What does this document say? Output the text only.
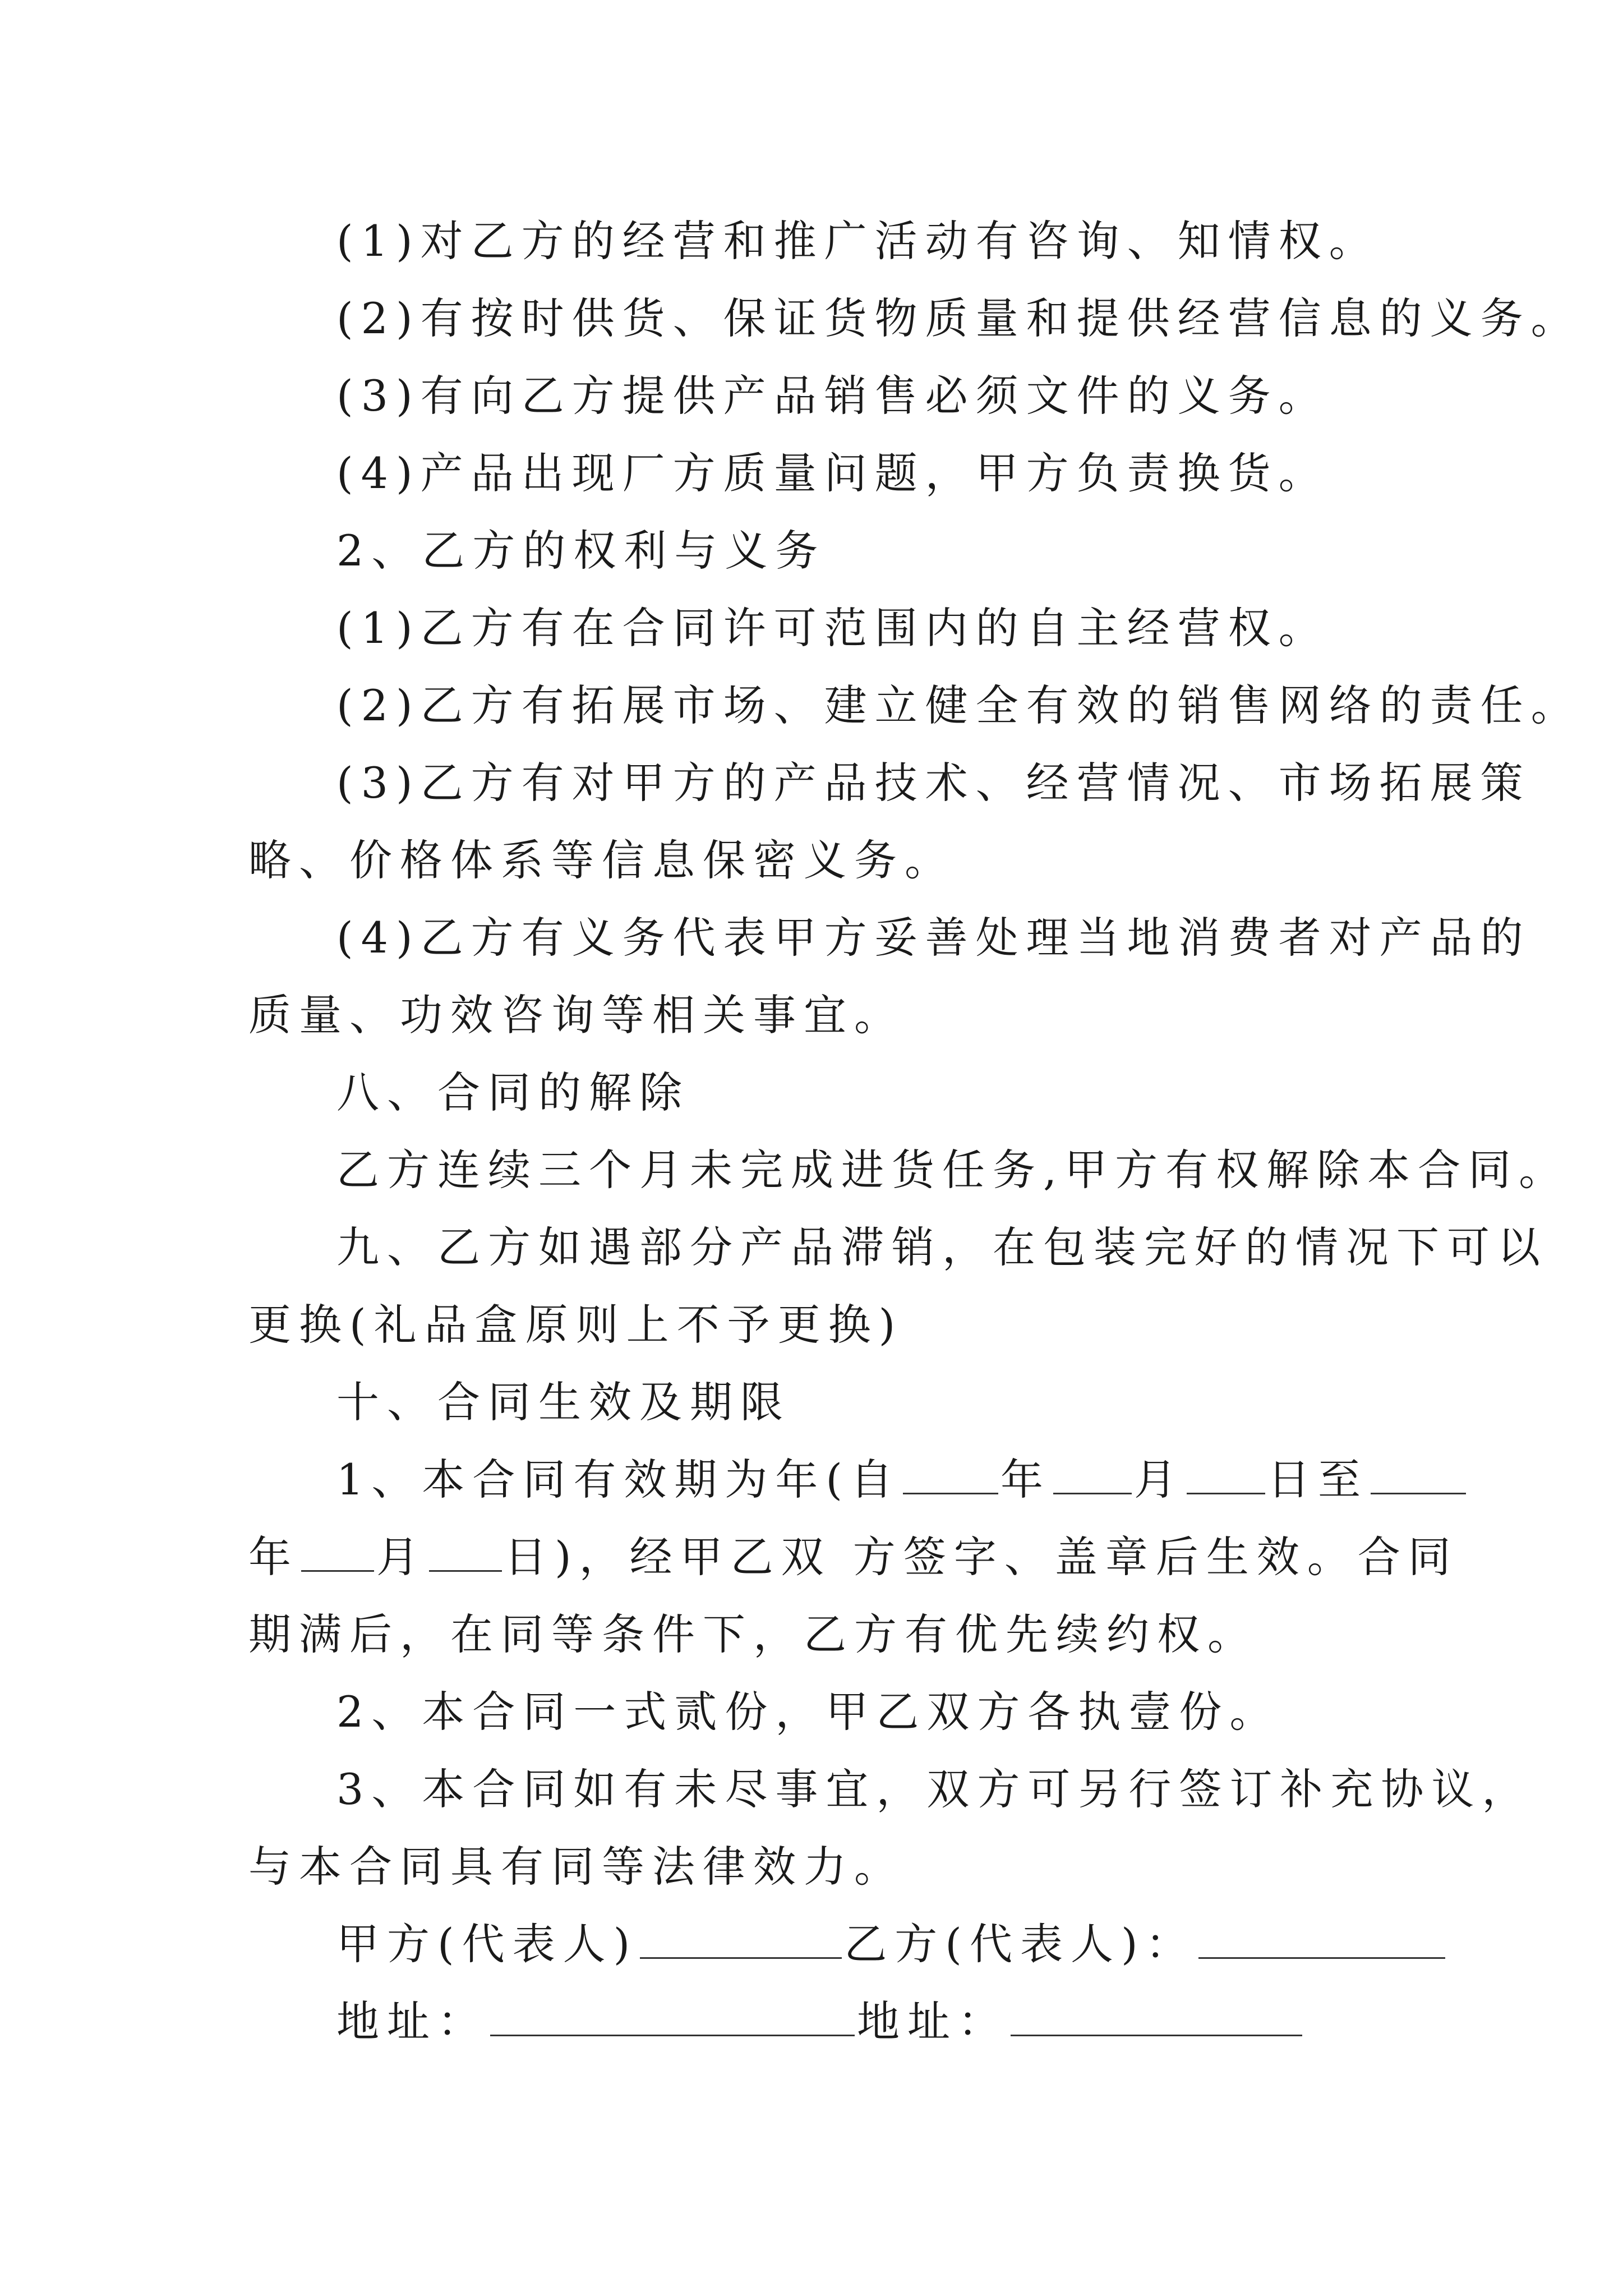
(1)对乙方的经营和推广活动有咨询、知情权。
(2)有按时供货、保证货物质量和提供经营信息的义务。
(3)有向乙方提供产品销售必须文件的义务。
(4)产品出现厂方质量问题，甲方负责换货。
2、乙方的权利与义务
(1)乙方有在合同许可范围内的自主经营权。
(2)乙方有拓展市场、建立健全有效的销售网络的责任。
(3)乙方有对甲方的产品技术、经营情况、市场拓展策
略、价格体系等信息保密义务。
(4)乙方有义务代表甲方妥善处理当地消费者对产品的
质量、功效咨询等相关事宜。
八、合同的解除
乙方连续三个月未完成进货任务,甲方有权解除本合同。
九、乙方如遇部分产品滞销，在包装完好的情况下可以
更换(礼品盒原则上不予更换)
十、合同生效及期限
1、本合同有效期为年(自 年 月 日至
年 月 日)，经甲乙双 方签字、盖章后生效。合同
期满后，在同等条件下，乙方有优先续约权。
2、本合同一式贰份，甲乙双方各执壹份。
3、本合同如有未尽事宜，双方可另行签订补充协议，
与本合同具有同等法律效力。
甲方(代表人)	乙方(代表人)：
地址：	地址：
